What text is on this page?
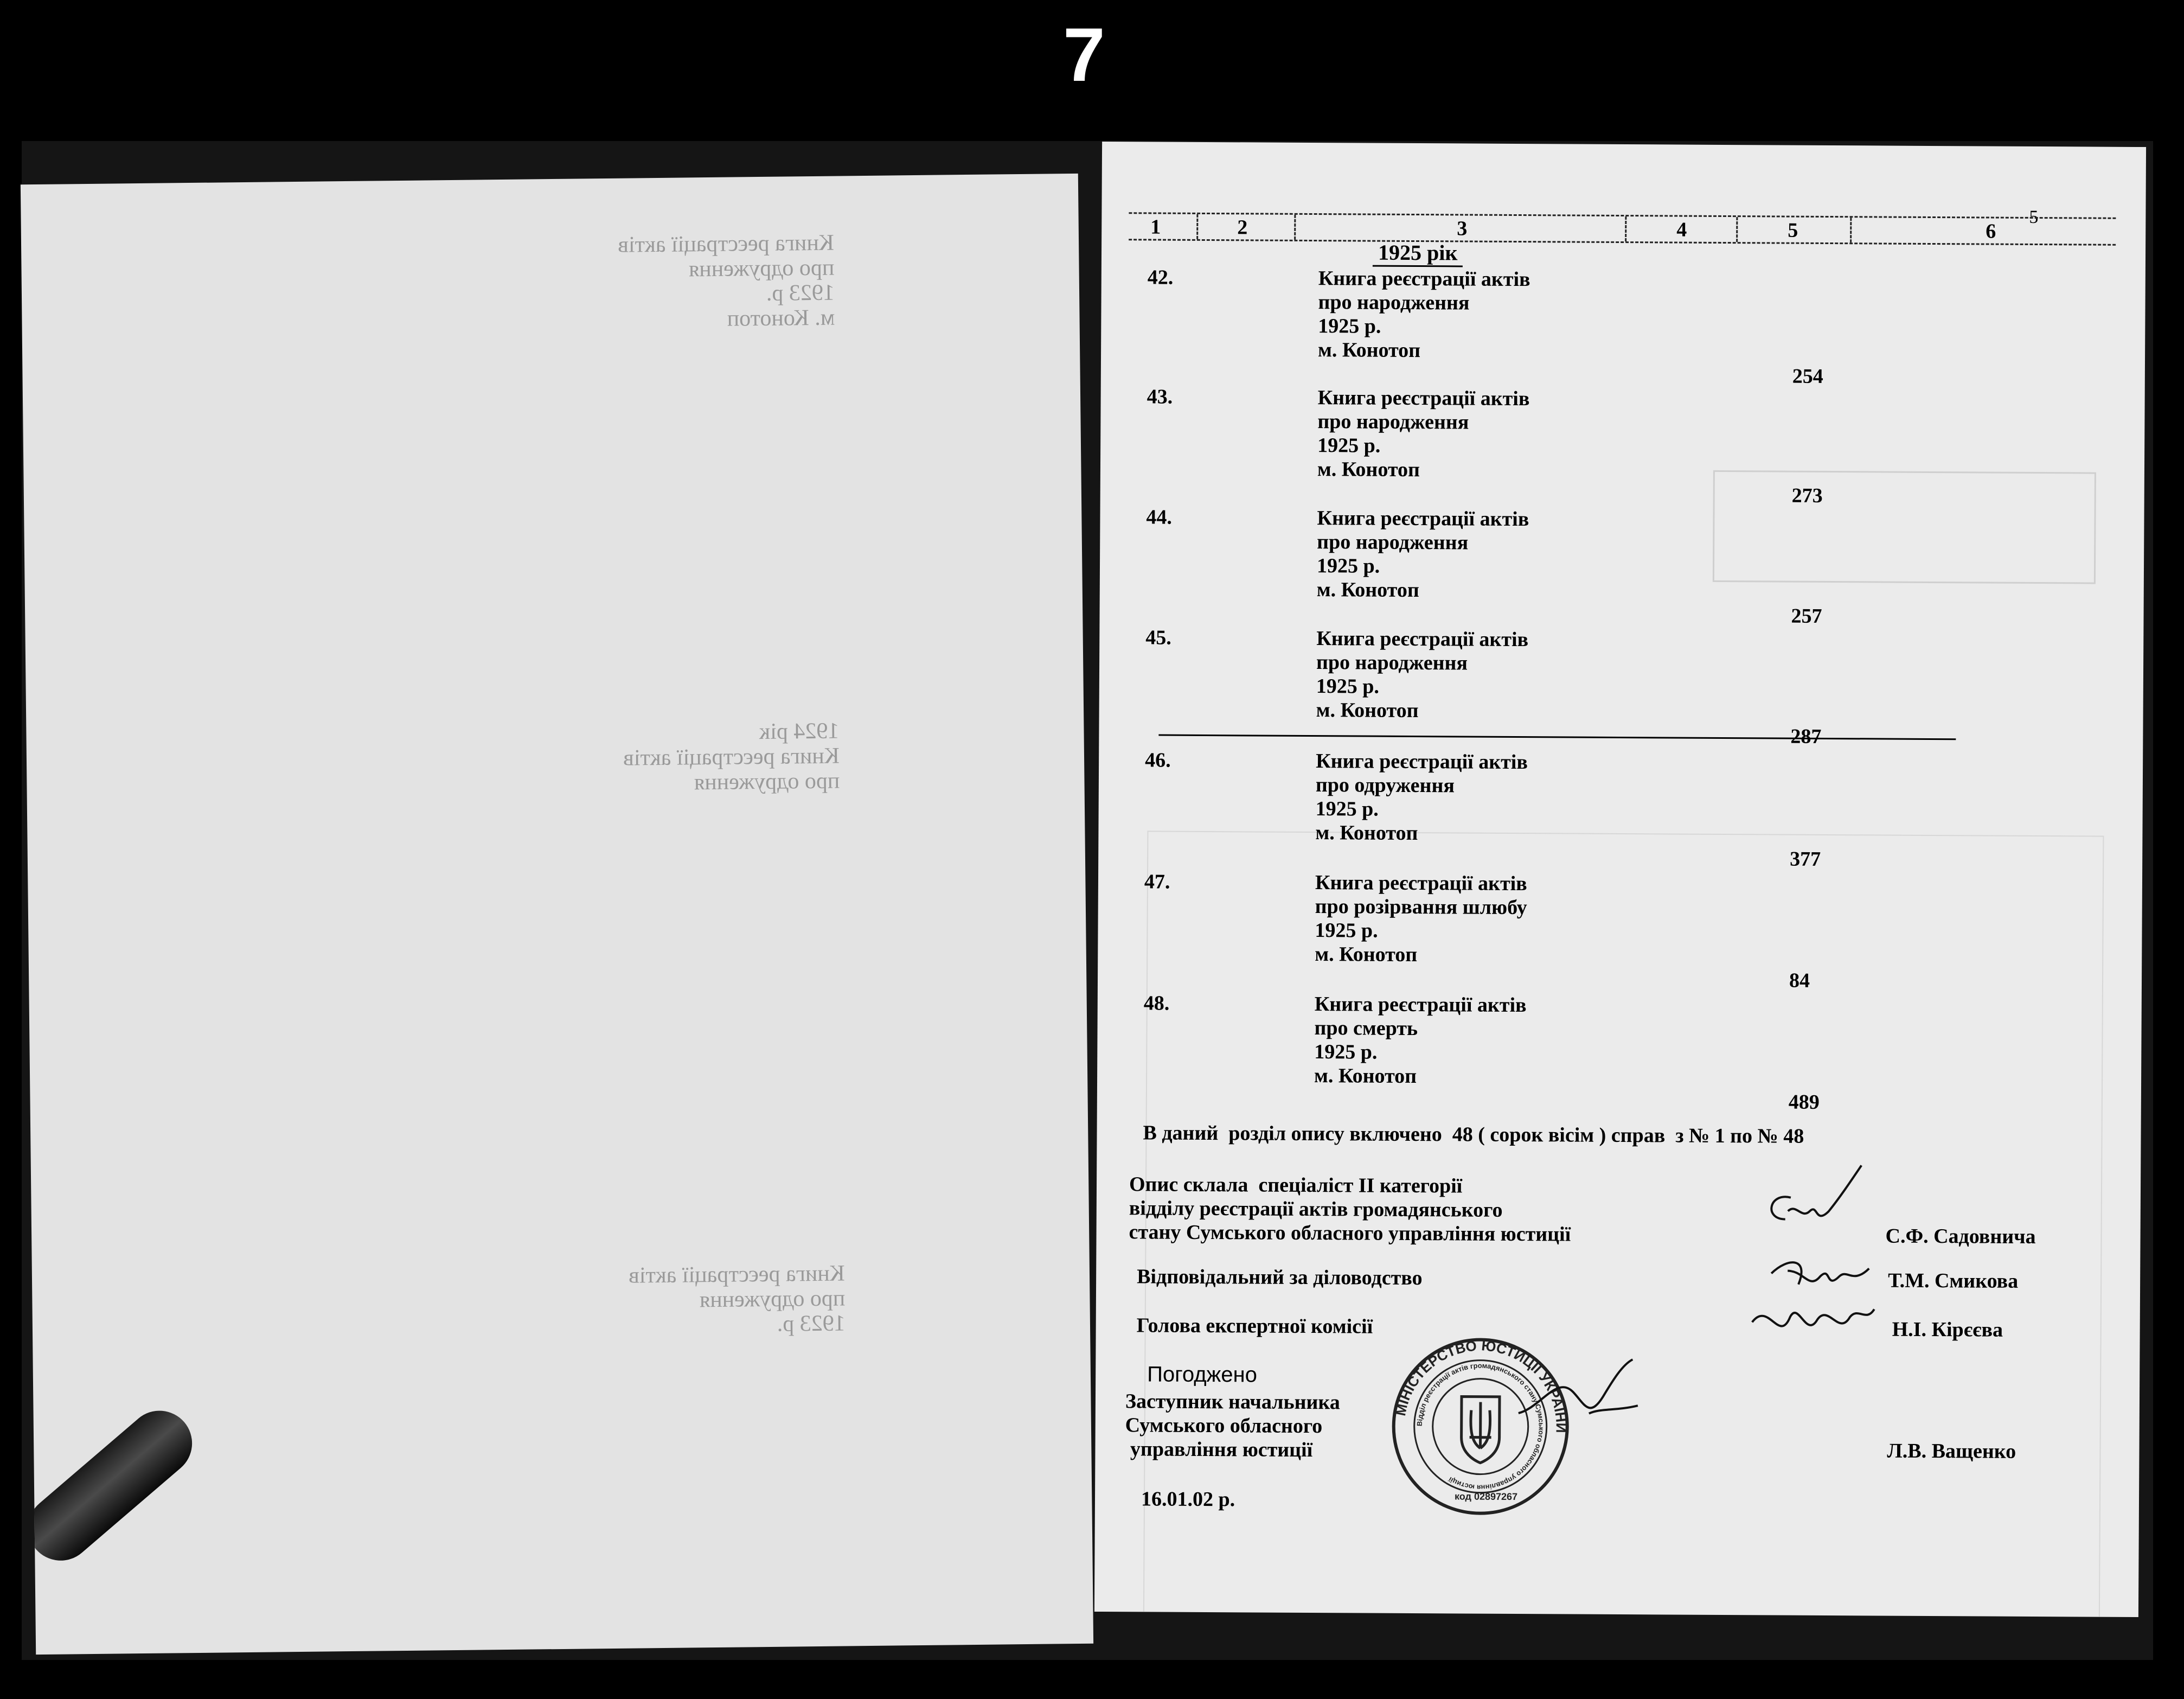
7
Книга реєстрації актів
про одруження
1923 р.
м. Конотоп
1924 рік
Книга реєстрації актів
про одруження
Книга реєстрації актів
про одруження
1923 р.
5
1	2	3	4	5	6
1925 рік
42.	Книга реєстрації актів
про народження
1925 р.
м. Конотоп
254
43.	Книга реєстрації актів
про народження
1925 р.
м. Конотоп
273
44.	Книга реєстрації актів
про народження
1925 р.
м. Конотоп
257
45.	Книга реєстрації актів
про народження
1925 р.
м. Конотоп
287
46.	Книга реєстрації актів
про одруження
1925 р.
м. Конотоп
377
47.	Книга реєстрації актів
про розірвання шлюбу
1925 р.
м. Конотоп
84
48.	Книга реєстрації актів
про смерть
1925 р.
м. Конотоп
489
В даний  розділ опису включено  48 ( сорок вісім ) справ  з № 1 по № 48
Опис склала  спеціаліст ІІ категорії
відділу реєстрації актів громадянського
стану Сумського обласного управління юстиції	С.Ф. Садовнича
Відповідальний за діловодство	Т.М. Смикова
Голова експертної комісії	Н.І. Кірєєва
Погоджено
Заступник начальника
Сумського обласного
управління юстиції
16.01.02 р.
МІНІСТЕРСТВО ЮСТИЦІЇ УКРАЇНИ
Відділ реєстрації актів громадянського стану Сумського обласного управління юстиції
код 02897267
Л.В. Ващенко
